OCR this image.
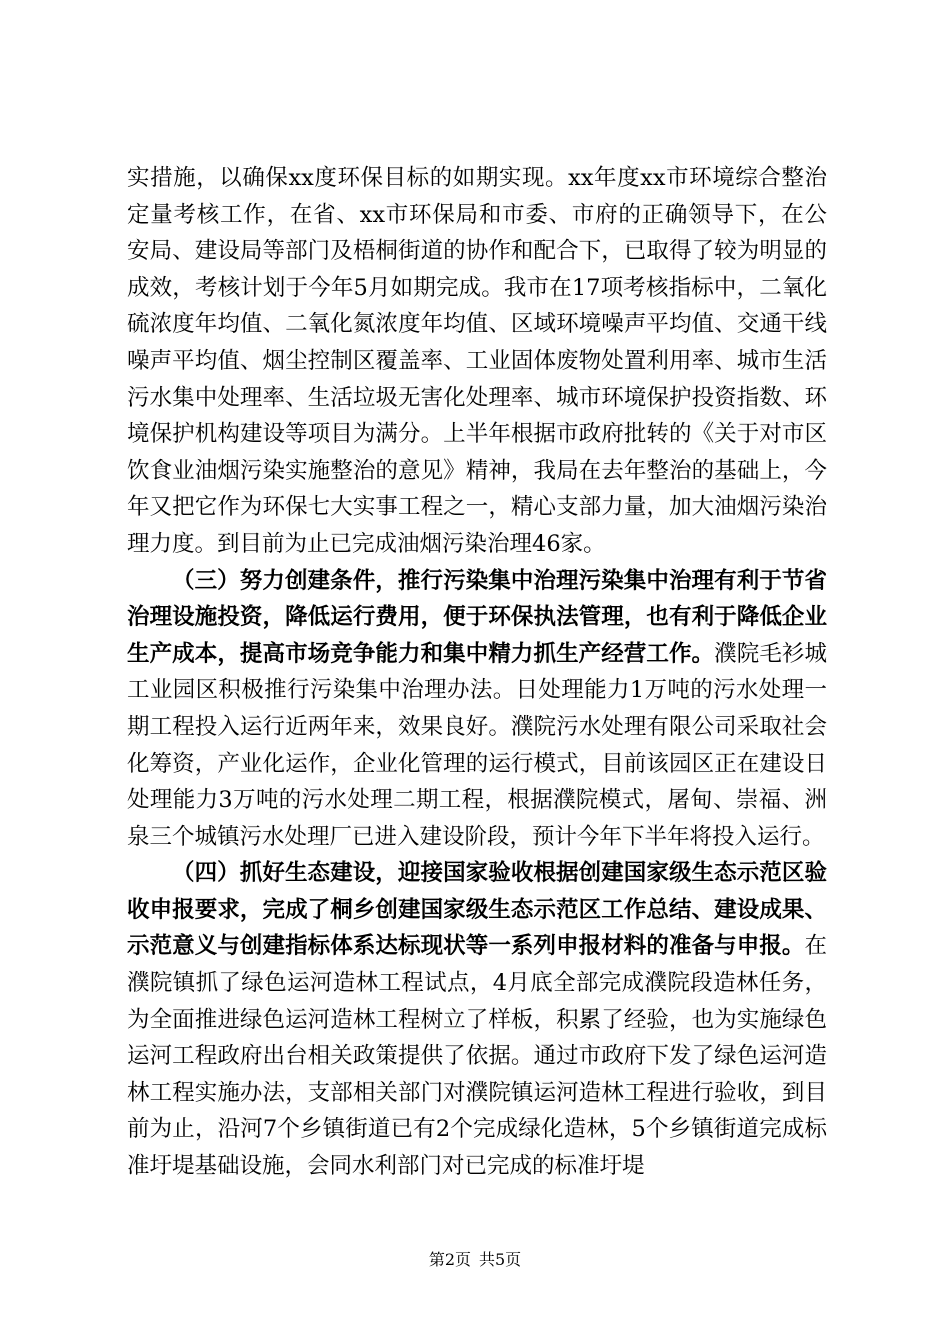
实措施，以确保xx度环保目标的如期实现。xx年度xx市环境综合整治定量考核工作，在省、xx市环保局和市委、市府的正确领导下，在公安局、建设局等部门及梧桐街道的协作和配合下，已取得了较为明显的成效，考核计划于今年5月如期完成。我市在17项考核指标中，二氧化硫浓度年均值、二氧化氮浓度年均值、区域环境噪声平均值、交通干线噪声平均值、烟尘控制区覆盖率、工业固体废物处置利用率、城市生活污水集中处理率、生活垃圾无害化处理率、城市环境保护投资指数、环境保护机构建设等项目为满分。上半年根据市政府批转的《关于对市区饮食业油烟污染实施整治的意见》精神，我局在去年整治的基础上，今年又把它作为环保七大实事工程之一，精心支部力量，加大油烟污染治理力度。到目前为止已完成油烟污染治理46家。

（三）努力创建条件，推行污染集中治理污染集中治理有利于节省治理设施投资，降低运行费用，便于环保执法管理，也有利于降低企业生产成本，提高市场竞争能力和集中精力抓生产经营工作。濮院毛衫城工业园区积极推行污染集中治理办法。日处理能力1万吨的污水处理一期工程投入运行近两年来，效果良好。濮院污水处理有限公司采取社会化筹资，产业化运作，企业化管理的运行模式，目前该园区正在建设日处理能力3万吨的污水处理二期工程，根据濮院模式，屠甸、崇福、洲泉三个城镇污水处理厂已进入建设阶段，预计今年下半年将投入运行。

（四）抓好生态建设，迎接国家验收根据创建国家级生态示范区验收申报要求，完成了桐乡创建国家级生态示范区工作总结、建设成果、示范意义与创建指标体系达标现状等一系列申报材料的准备与申报。在濮院镇抓了绿色运河造林工程试点，4月底全部完成濮院段造林任务，为全面推进绿色运河造林工程树立了样板，积累了经验，也为实施绿色运河工程政府出台相关政策提供了依据。通过市政府下发了绿色运河造林工程实施办法，支部相关部门对濮院镇运河造林工程进行验收，到目前为止，沿河7个乡镇街道已有2个完成绿化造林，5个乡镇街道完成标准圩堤基础设施，会同水利部门对已完成的标准圩堤

第2页 共5页
